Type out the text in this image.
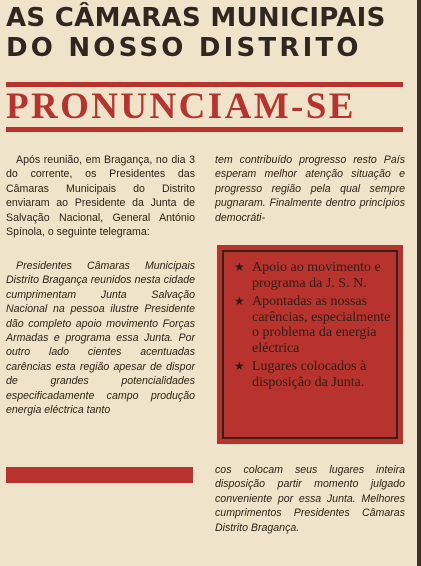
AS CÂMARAS MUNICIPAIS
DO NOSSO DISTRITO
PRONUNCIAM-SE

Após reunião, em Bragança, no dia 3 do corrente, os Presidentes das Câmaras Municipais do Distrito enviaram ao Presidente da Junta de Salvação Nacional, General António Spínola, o seguinte telegrama:

Presidentes Câmaras Municipais Distrito Bragança reunidos nesta cidade cumprimentam Junta Salvação Nacional na pessoa ilustre Presidente dão completo apoio movimento Forças Armadas e programa essa Junta. Por outro lado cientes acentuadas carências esta região apesar de dispor de grandes potencialidades especificadamente campo produção energia eléctrica tanto

tem contribuído progresso resto País esperam melhor atenção situação e progresso região pela qual sempre pugnaram. Finalmente dentro princípios democráti-

★ Apoio ao movimento e programa da J. S. N.
★ Apontadas as nossas carências, especialmente o problema da energia eléctrica
★ Lugares colocados à disposição da Junta.

cos colocam seus lugares inteira disposição partir momento julgado conveniente por essa Junta. Melhores cumprimentos Presidentes Câmaras Distrito Bragança.
